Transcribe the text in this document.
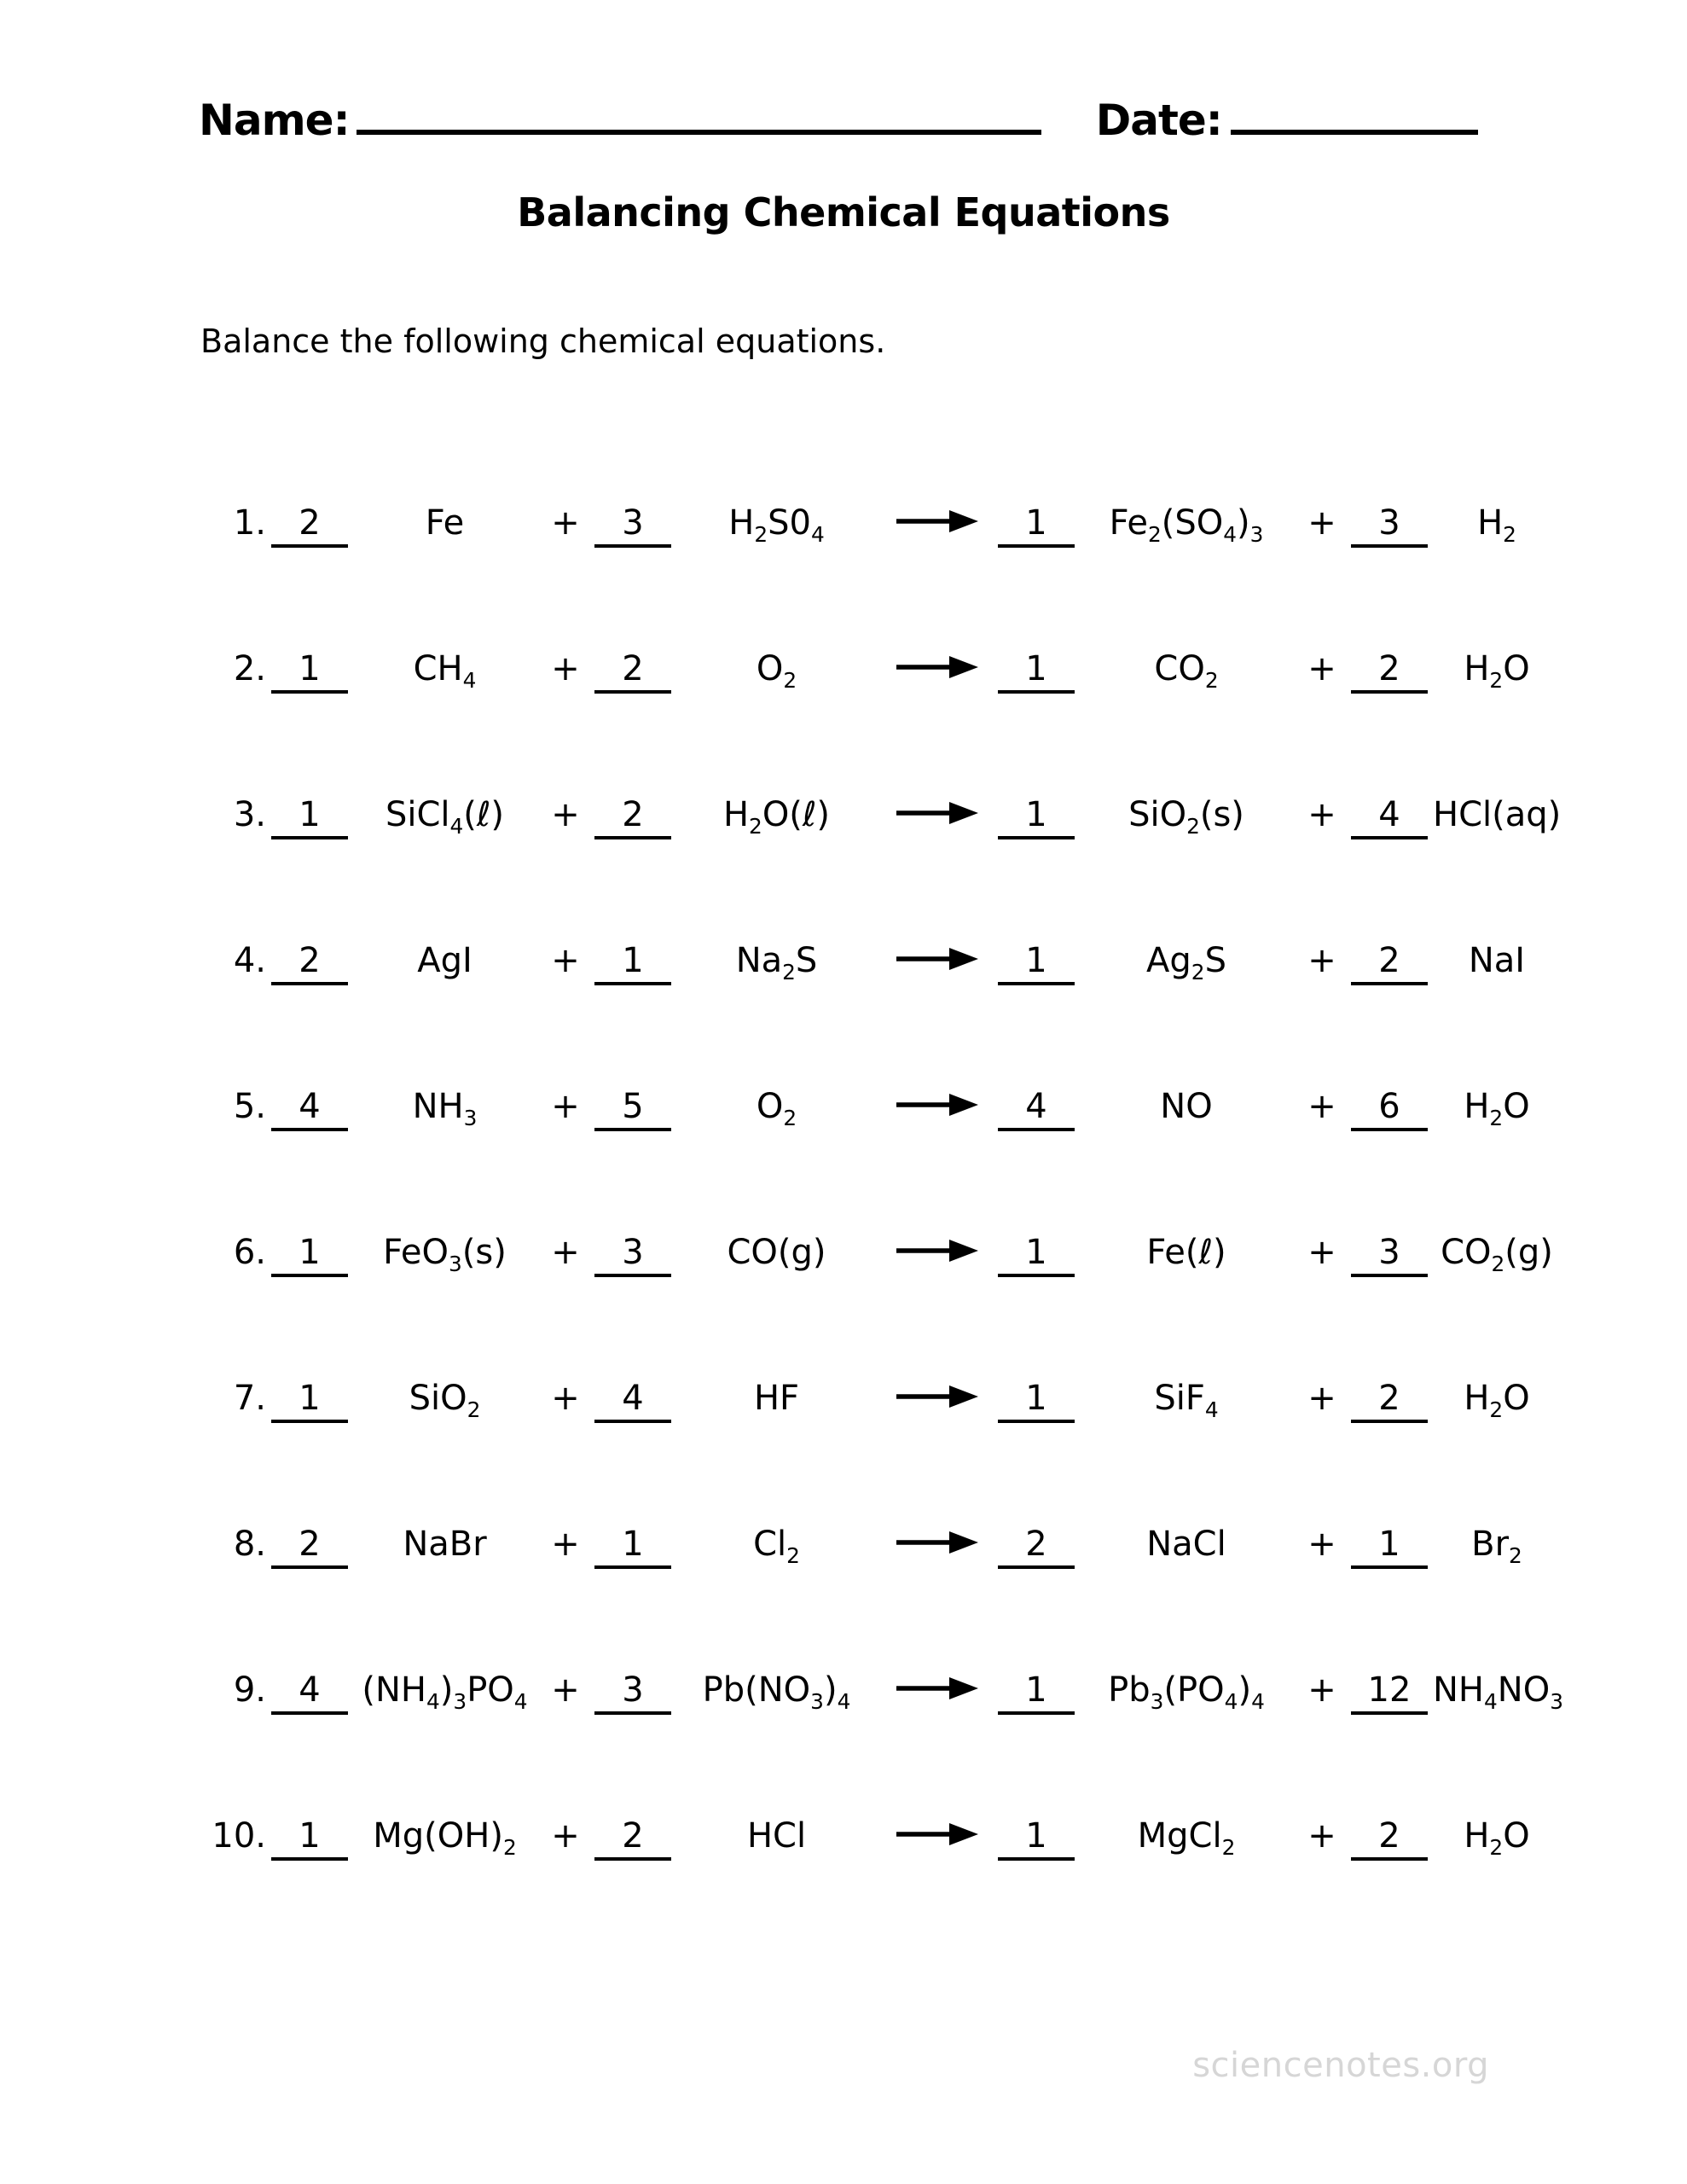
Name:	Date:
Balancing Chemical Equations

Balance the following chemical equations.

1. 2	Fe	+	3	$H_2S0_4$	→ 1	$Fe_2(SO_4)_3$	+	3	$H_2$
2. 1	$CH_4$	+	2	$O_2$	→ 1	$CO_2$	+	2	$H_2O$
3. 1	SiCl$_4$(ℓ)	+	2	$H_2O(\ell)$	→ 1	SiO$_2$(s)	+	4 HCl(aq)
4. 2	AgI	+	1	$Na_2S$	→ 1	$Ag_2S$	+	2	NaI
5. 4	$NH_3$	+	5	$O_2$	→ 4	NO	+	6	$H_2O$
6. 1	FeO$_3$(s)	+	3	CO(g)	→ 1	Fe(ℓ)	+	3	$CO_2(g)$
7. 1	SiO$_2$	+	4	HF	→ 1	SiF$_4$	+	2	$H_2O$
8. 2	NaBr	+	1	$Cl_2$	→ 2	NaCl	+	1	$Br_2$
9. 4	$(NH_4)_3PO_4$ +	3	$Pb(NO_3)_4 \to 1$	$Pb_3(PO_4)_4$	+ 12 $NH_4NO_3$
10. 1	$Mg(OH)_2$	+	2	HCl	→ 1	MgCl$_2$	+	2	$H_2O$
sciencenotes.org
